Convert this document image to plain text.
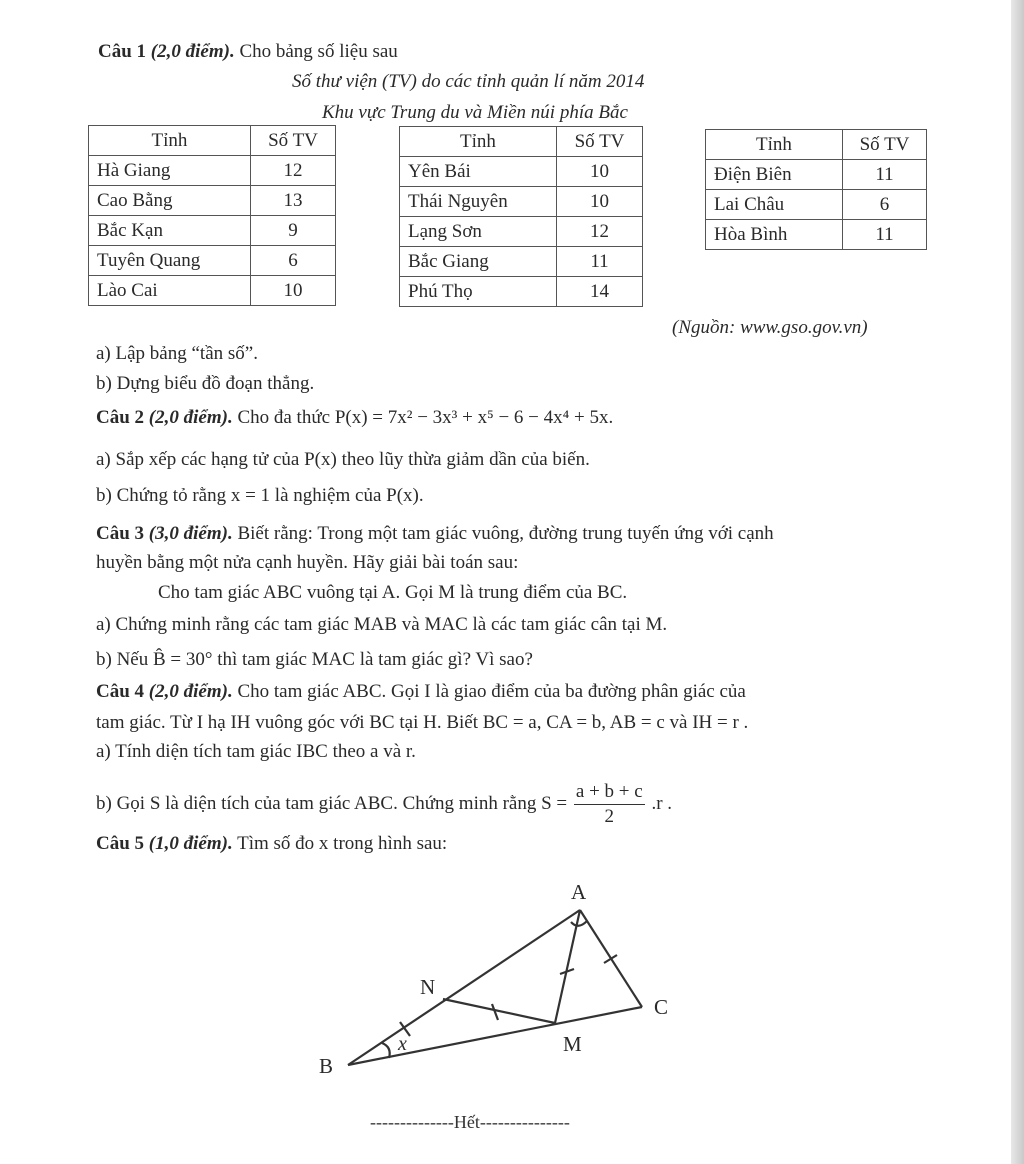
Câu 1 (2,0 điểm). Cho bảng số liệu sau
Số thư viện (TV) do các tỉnh quản lí năm 2014
Khu vực Trung du và Miền núi phía Bắc
Tỉnh	Số TV
Hà Giang	12
Cao Bằng	13
Bắc Kạn	9
Tuyên Quang	6
Lào Cai	10
Tỉnh	Số TV
Yên Bái	10
Thái Nguyên	10
Lạng Sơn	12
Bắc Giang	11
Phú Thọ	14
Tỉnh	Số TV
Điện Biên	11
Lai Châu	6
Hòa Bình	11
(Nguồn: www.gso.gov.vn)
a) Lập bảng “tần số”.
b) Dựng biểu đồ đoạn thẳng.
Câu 2 (2,0 điểm). Cho đa thức P(x) = 7x² − 3x³ + x⁵ − 6 − 4x⁴ + 5x.
a) Sắp xếp các hạng tử của P(x) theo lũy thừa giảm dần của biến.
b) Chứng tỏ rằng x = 1 là nghiệm của P(x).
Câu 3 (3,0 điểm). Biết rằng: Trong một tam giác vuông, đường trung tuyến ứng với cạnh
huyền bằng một nửa cạnh huyền. Hãy giải bài toán sau:
Cho tam giác ABC vuông tại A. Gọi M là trung điểm của BC.
a) Chứng minh rằng các tam giác MAB và MAC là các tam giác cân tại M.
b) Nếu B̂ = 30° thì tam giác MAC là tam giác gì? Vì sao?
Câu 4 (2,0 điểm). Cho tam giác ABC. Gọi I là giao điểm của ba đường phân giác của
tam giác. Từ I hạ IH vuông góc với BC tại H. Biết BC = a, CA = b, AB = c và IH = r .
a) Tính diện tích tam giác IBC theo a và r.
b) Gọi S là diện tích của tam giác ABC. Chứng minh rằng $S = \frac{a + b + c}{2} .r$ .
Câu 5 (1,0 điểm). Tìm số đo x trong hình sau:
A
N
C
M
B
x
--------------Hết---------------
